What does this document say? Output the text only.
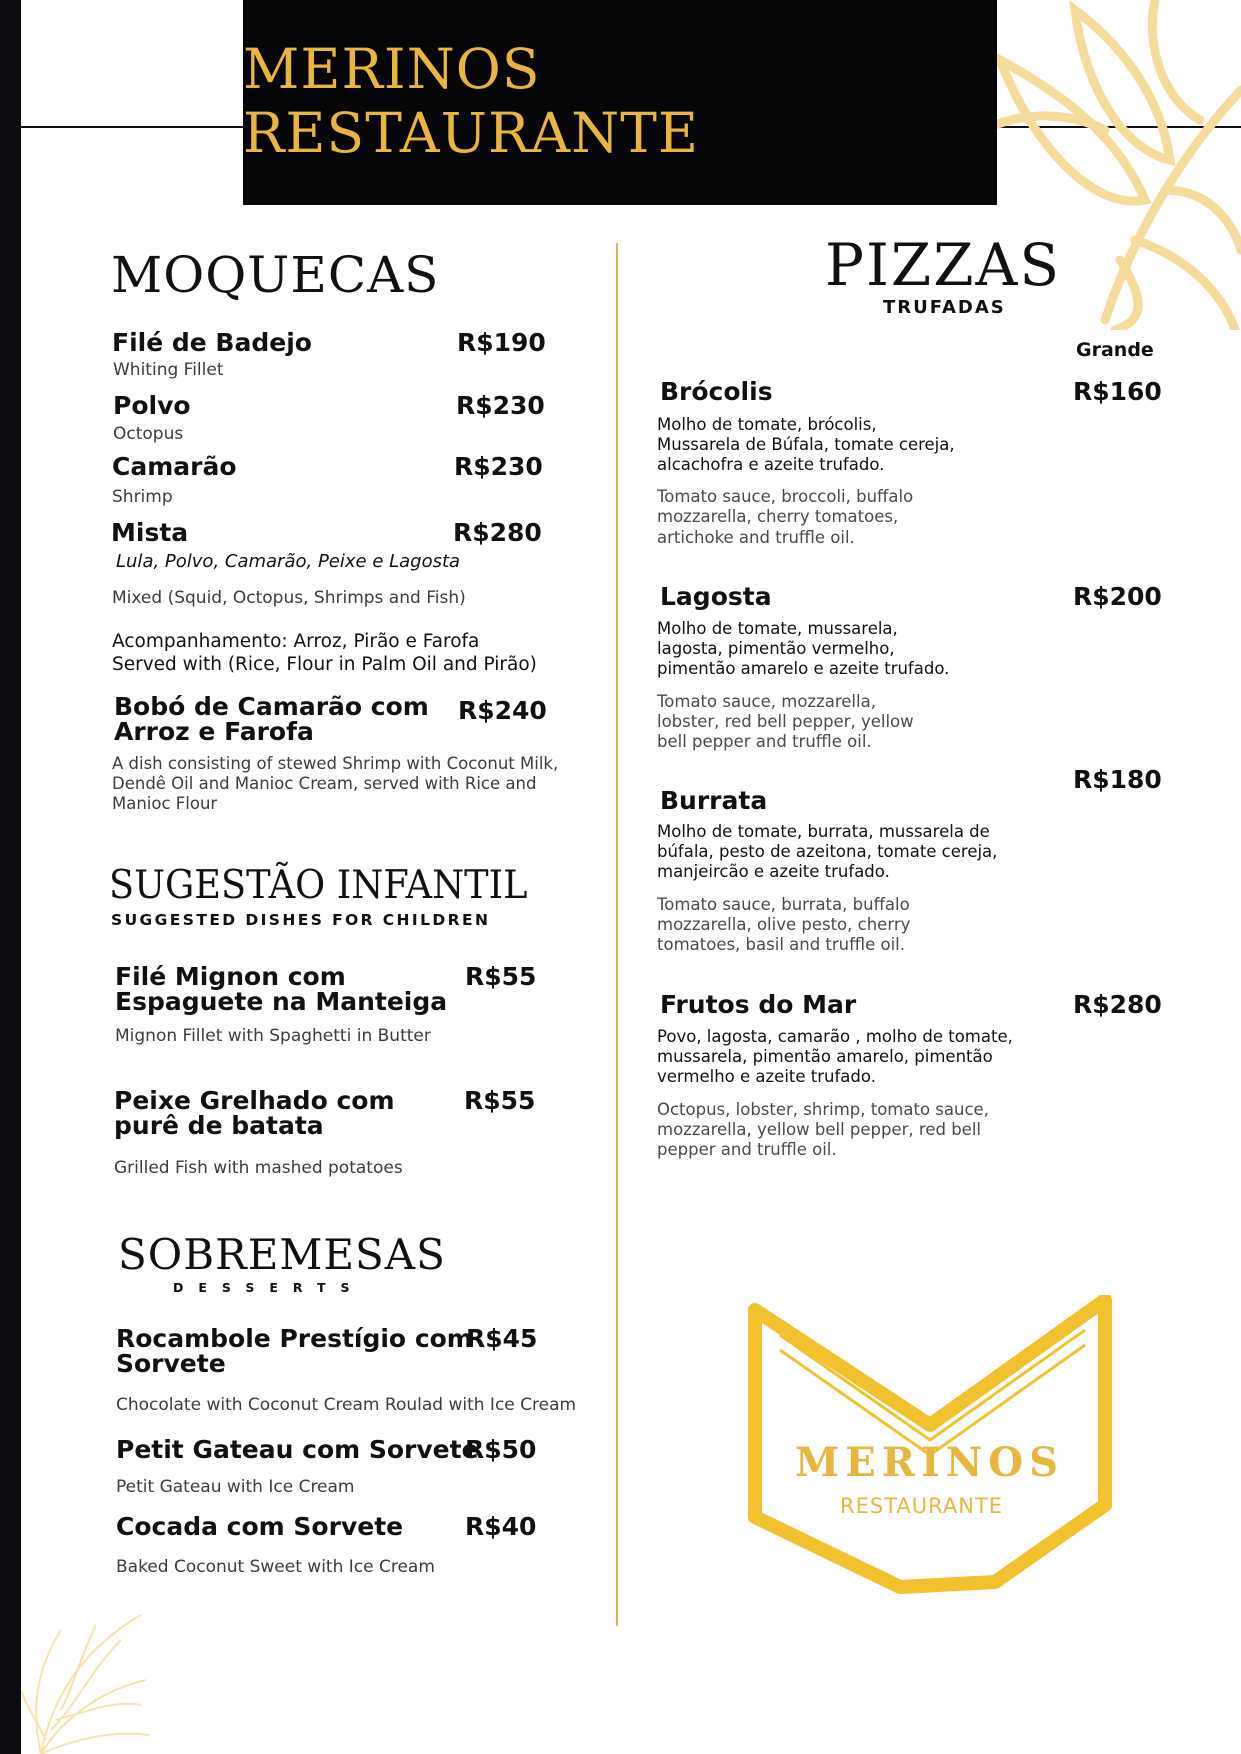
MERINOS RESTAURANTE
MOQUECAS
Filé de Badejo	R$190
Whiting Fillet
Polvo	R$230
Octopus
Camarão	R$230
Shrimp
Mista	R$280
Lula, Polvo, Camarão, Peixe e Lagosta
Mixed (Squid, Octopus, Shrimps and Fish)
Acompanhamento: Arroz, Pirão e Farofa
Served with (Rice, Flour in Palm Oil and Pirão)
Bobó de Camarão com
Arroz e Farofa
R$240
A dish consisting of stewed Shrimp with Coconut Milk,
Dendê Oil and Manioc Cream, served with Rice and
Manioc Flour
SUGESTÃO INFANTIL
SUGGESTED DISHES FOR CHILDREN
Filé Mignon com
Espaguete na Manteiga
R$55
Mignon Fillet with Spaghetti in Butter
Peixe Grelhado com
purê de batata
R$55
Grilled Fish with mashed potatoes
SOBREMESAS
DESSERTS
Rocambole Prestígio com
Sorvete
R$45
Chocolate with Coconut Cream Roulad with Ice Cream
Petit Gateau com Sorvete
R$50
Petit Gateau with Ice Cream
Cocada com Sorvete R$40
Baked Coconut Sweet with Ice Cream
PIZZAS
TRUFADAS
Grande
Brócolis	R$160
Molho de tomate, brócolis,
Mussarela de Búfala, tomate cereja,
alcachofra e azeite trufado.
Tomato sauce, broccoli, buffalo
mozzarella, cherry tomatoes,
artichoke and truffle oil.
Lagosta	R$200
Molho de tomate, mussarela,
lagosta, pimentão vermelho,
pimentão amarelo e azeite trufado.
Tomato sauce, mozzarella,
lobster, red bell pepper, yellow
bell pepper and truffle oil.
R$180
Burrata
Molho de tomate, burrata, mussarela de
búfala, pesto de azeitona, tomate cereja,
manjeircão e azeite trufado.
Tomato sauce, burrata, buffalo
mozzarella, olive pesto, cherry
tomatoes, basil and truffle oil.
Frutos do Mar	R$280
Povo, lagosta, camarão , molho de tomate,
mussarela, pimentão amarelo, pimentão
vermelho e azeite trufado.
Octopus, lobster, shrimp, tomato sauce,
mozzarella, yellow bell pepper, red bell
pepper and truffle oil.
MERINOS
RESTAURANTE
